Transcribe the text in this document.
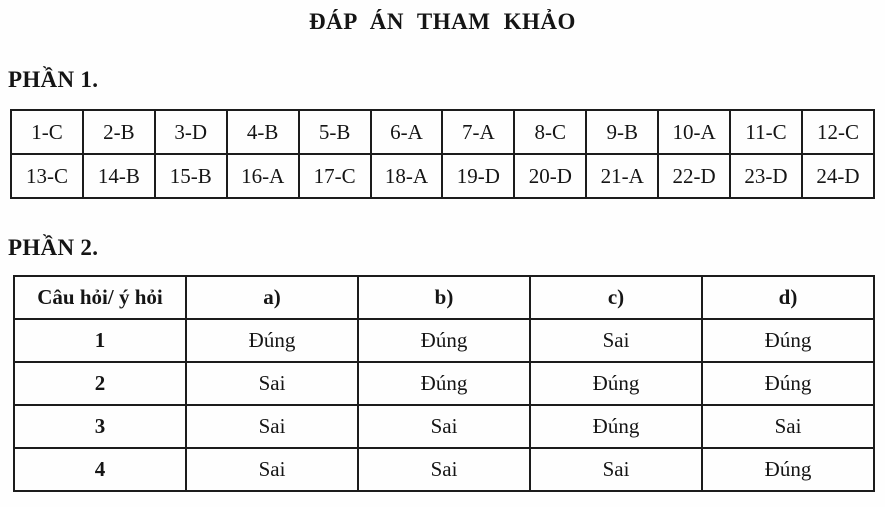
ĐÁP ÁN THAM KHẢO
PHẦN 1.
1-C	2-B	3-D	4-B	5-B	6-A	7-A	8-C	9-B	10-A	11-C	12-C
13-C	14-B	15-B	16-A	17-C	18-A	19-D	20-D	21-A	22-D	23-D	24-D
PHẦN 2.
Câu hỏi/ ý hỏi	a)	b)	c)	d)
1	Đúng	Đúng	Sai	Đúng
2	Sai	Đúng	Đúng	Đúng
3	Sai	Sai	Đúng	Sai
4	Sai	Sai	Sai	Đúng
